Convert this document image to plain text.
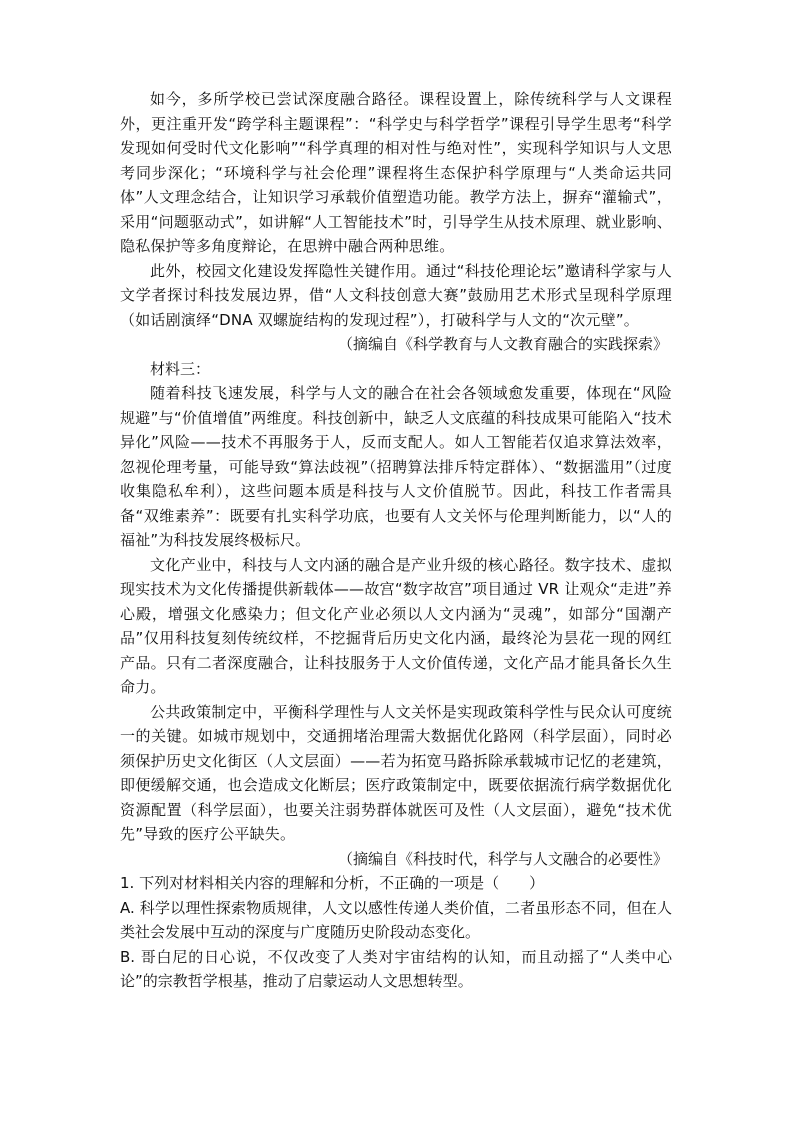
如今，多所学校已尝试深度融合路径。课程设置上，除传统科学与人文课程外，更注重开发“跨学科主题课程”：“科学史与科学哲学”课程引导学生思考“科学发现如何受时代文化影响”“科学真理的相对性与绝对性”，实现科学知识与人文思考同步深化；“环境科学与社会伦理”课程将生态保护科学原理与“人类命运共同体”人文理念结合，让知识学习承载价值塑造功能。教学方法上，摒弃“灌输式”，采用“问题驱动式”，如讲解“人工智能技术”时，引导学生从技术原理、就业影响、隐私保护等多角度辩论，在思辨中融合两种思维。

此外，校园文化建设发挥隐性关键作用。通过“科技伦理论坛”邀请科学家与人文学者探讨科技发展边界，借“人文科技创意大赛”鼓励用艺术形式呈现科学原理（如话剧演绎“DNA 双螺旋结构的发现过程”），打破科学与人文的“次元壁”。

（摘编自《科学教育与人文教育融合的实践探索》

材料三：

随着科技飞速发展，科学与人文的融合在社会各领域愈发重要，体现在“风险规避”与“价值增值”两维度。科技创新中，缺乏人文底蕴的科技成果可能陷入“技术异化”风险——技术不再服务于人，反而支配人。如人工智能若仅追求算法效率，忽视伦理考量，可能导致“算法歧视”（招聘算法排斥特定群体）、“数据滥用”（过度收集隐私牟利），这些问题本质是科技与人文价值脱节。因此，科技工作者需具备“双维素养”：既要有扎实科学功底，也要有人文关怀与伦理判断能力，以“人的福祉”为科技发展终极标尺。

文化产业中，科技与人文内涵的融合是产业升级的核心路径。数字技术、虚拟现实技术为文化传播提供新载体——故宫“数字故宫”项目通过 VR 让观众“走进”养心殿，增强文化感染力；但文化产业必须以人文内涵为“灵魂”，如部分“国潮产品”仅用科技复刻传统纹样，不挖掘背后历史文化内涵，最终沦为昙花一现的网红产品。只有二者深度融合，让科技服务于人文价值传递，文化产品才能具备长久生命力。

公共政策制定中，平衡科学理性与人文关怀是实现政策科学性与民众认可度统一的关键。如城市规划中，交通拥堵治理需大数据优化路网（科学层面），同时必须保护历史文化街区（人文层面）——若为拓宽马路拆除承载城市记忆的老建筑，即便缓解交通，也会造成文化断层；医疗政策制定中，既要依据流行病学数据优化资源配置（科学层面），也要关注弱势群体就医可及性（人文层面），避免“技术优先”导致的医疗公平缺失。

（摘编自《科技时代，科学与人文融合的必要性》

1. 下列对材料相关内容的理解和分析，不正确的一项是（　　）

A. 科学以理性探索物质规律，人文以感性传递人类价值，二者虽形态不同，但在人类社会发展中互动的深度与广度随历史阶段动态变化。

B. 哥白尼的日心说，不仅改变了人类对宇宙结构的认知，而且动摇了“人类中心论”的宗教哲学根基，推动了启蒙运动人文思想转型。
